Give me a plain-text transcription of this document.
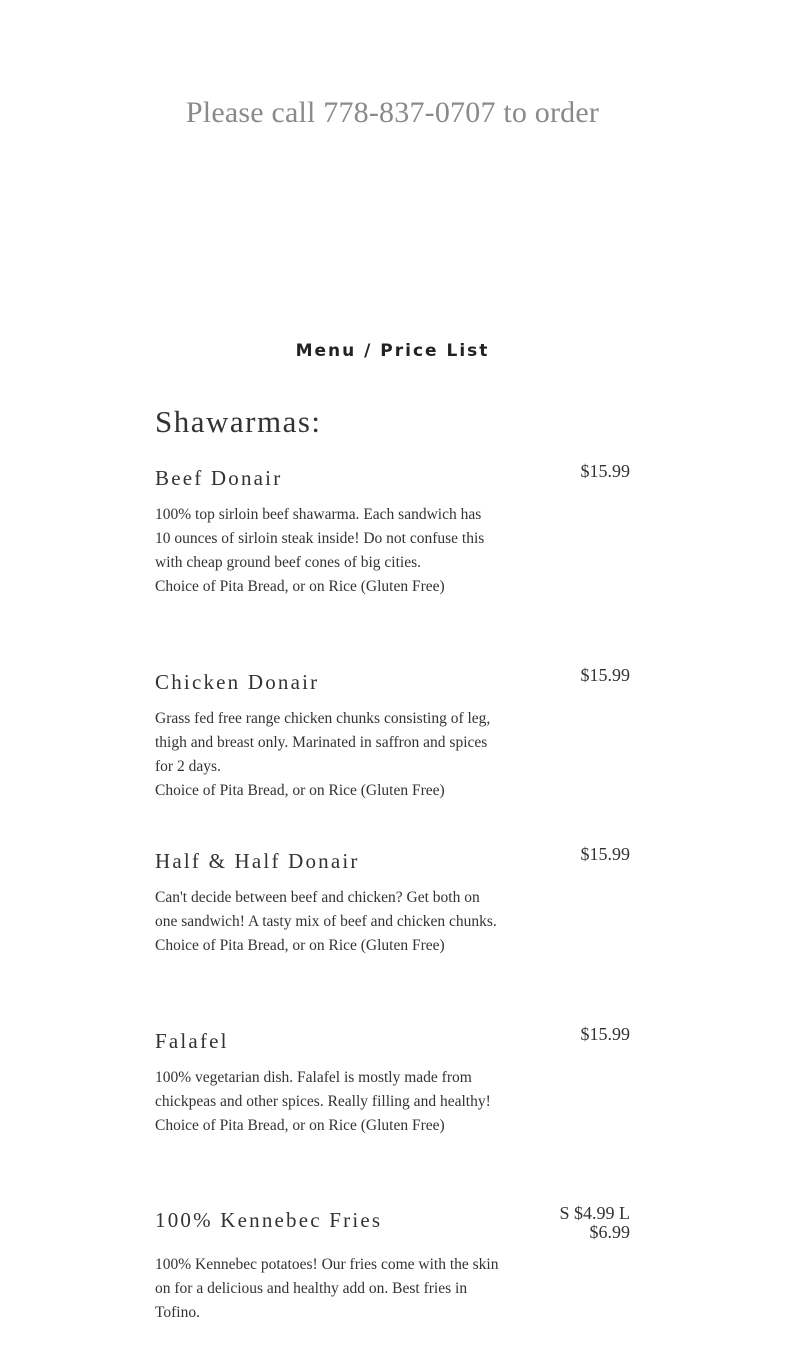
Please call 778-837-0707 to order

Menu / Price List
Shawarmas:
Beef Donair	$15.99

100% top sirloin beef shawarma. Each sandwich has 10 ounces of sirloin steak inside! Do not confuse this with cheap ground beef cones of big cities.
Choice of Pita Bread, or on Rice (Gluten Free)

Chicken Donair	$15.99

Grass fed free range chicken chunks consisting of leg, thigh and breast only. Marinated in saffron and spices for 2 days.
Choice of Pita Bread, or on Rice (Gluten Free)

Half & Half Donair	$15.99

Can't decide between beef and chicken? Get both on one sandwich! A tasty mix of beef and chicken chunks.
Choice of Pita Bread, or on Rice (Gluten Free)

Falafel	$15.99

100% vegetarian dish. Falafel is mostly made from chickpeas and other spices. Really filling and healthy!
Choice of Pita Bread, or on Rice (Gluten Free)

100% Kennebec Fries	S $4.99 L $6.99

100% Kennebec potatoes! Our fries come with the skin on for a delicious and healthy add on. Best fries in Tofino.
